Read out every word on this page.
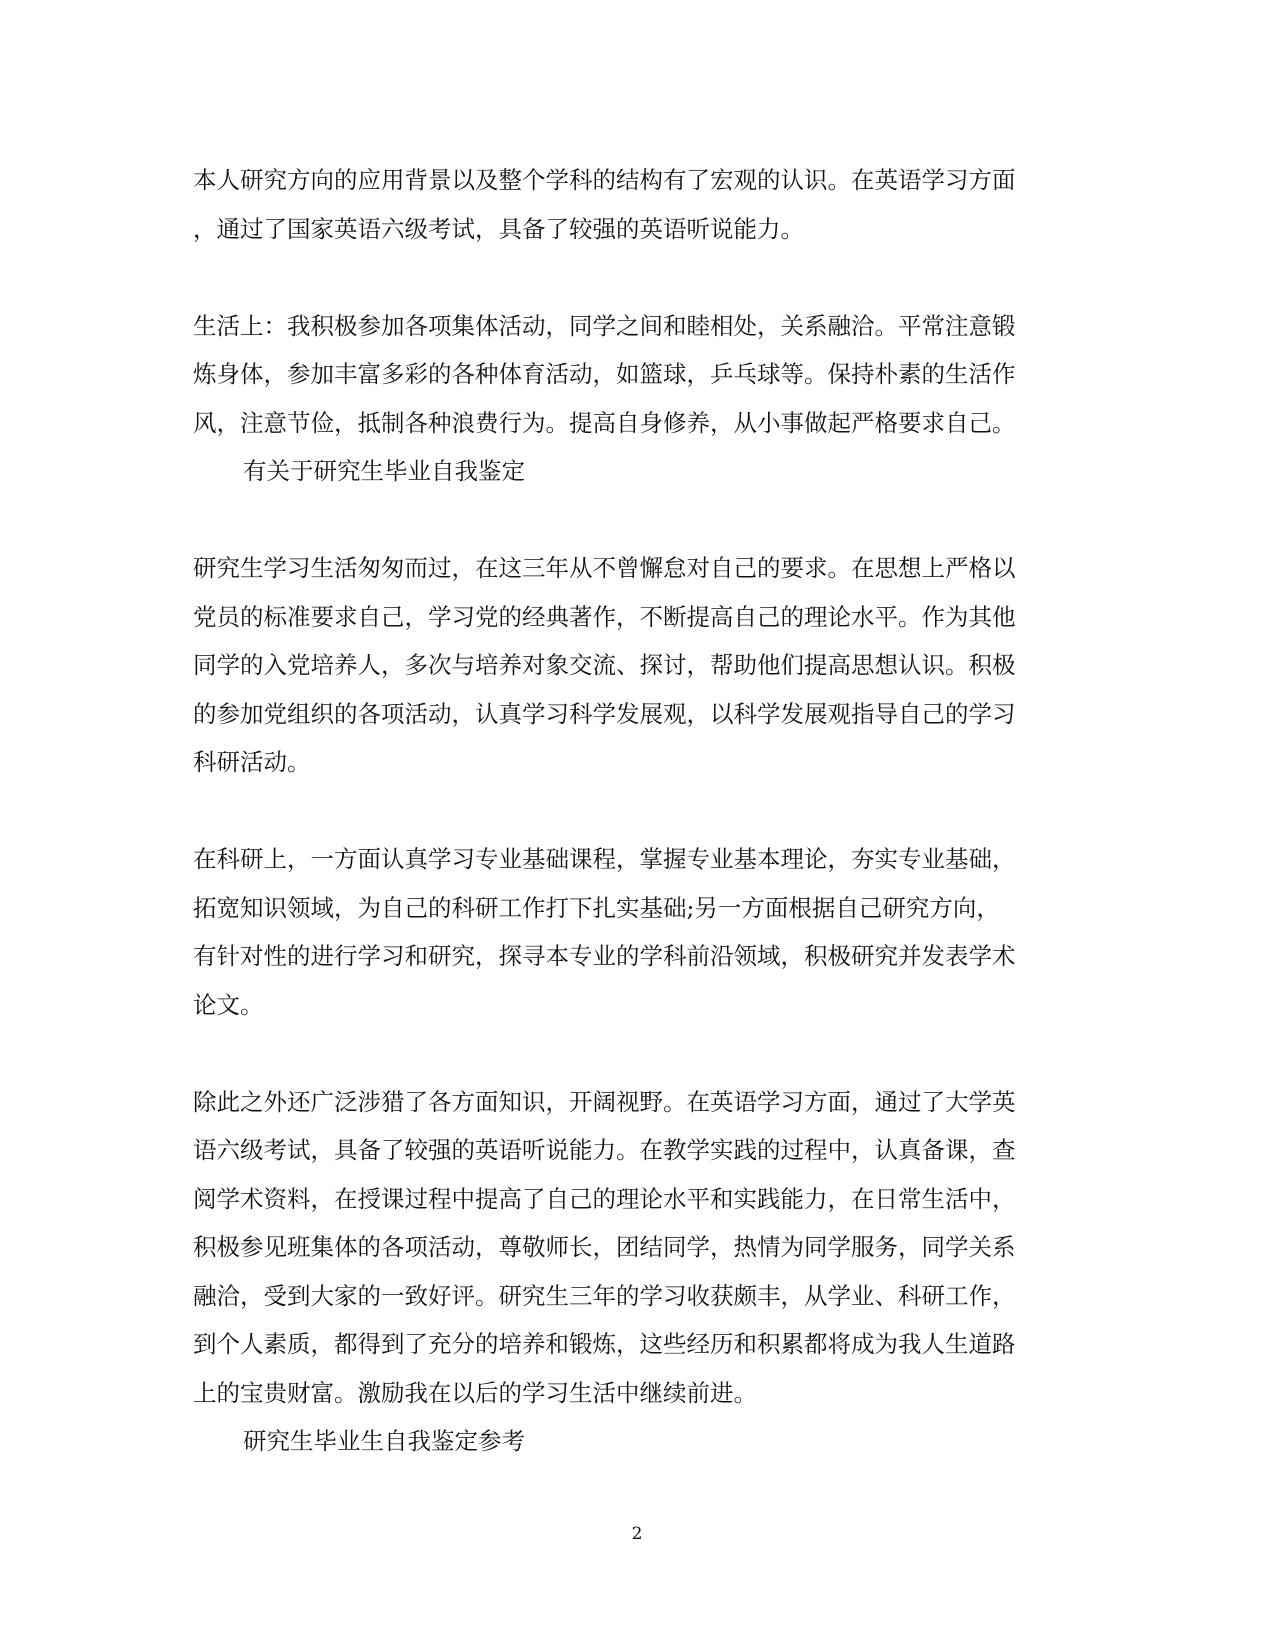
本人研究方向的应用背景以及整个学科的结构有了宏观的认识。在英语学习方面
，通过了国家英语六级考试，具备了较强的英语听说能力。

生活上：我积极参加各项集体活动，同学之间和睦相处，关系融洽。平常注意锻
炼身体，参加丰富多彩的各种体育活动，如篮球，乒乓球等。保持朴素的生活作
风，注意节俭，抵制各种浪费行为。提高自身修养，从小事做起严格要求自己。

有关于研究生毕业自我鉴定

研究生学习生活匆匆而过，在这三年从不曾懈怠对自己的要求。在思想上严格以
党员的标准要求自己，学习党的经典著作，不断提高自己的理论水平。作为其他
同学的入党培养人，多次与培养对象交流、探讨，帮助他们提高思想认识。积极
的参加党组织的各项活动，认真学习科学发展观，以科学发展观指导自己的学习
科研活动。

在科研上，一方面认真学习专业基础课程，掌握专业基本理论，夯实专业基础，
拓宽知识领域，为自己的科研工作打下扎实基础;另一方面根据自己研究方向，
有针对性的进行学习和研究，探寻本专业的学科前沿领域，积极研究并发表学术
论文。

除此之外还广泛涉猎了各方面知识，开阔视野。在英语学习方面，通过了大学英
语六级考试，具备了较强的英语听说能力。在教学实践的过程中，认真备课，查
阅学术资料，在授课过程中提高了自己的理论水平和实践能力，在日常生活中，
积极参见班集体的各项活动，尊敬师长，团结同学，热情为同学服务，同学关系
融洽，受到大家的一致好评。研究生三年的学习收获颇丰，从学业、科研工作，
到个人素质，都得到了充分的培养和锻炼，这些经历和积累都将成为我人生道路
上的宝贵财富。激励我在以后的学习生活中继续前进。

研究生毕业生自我鉴定参考

2
